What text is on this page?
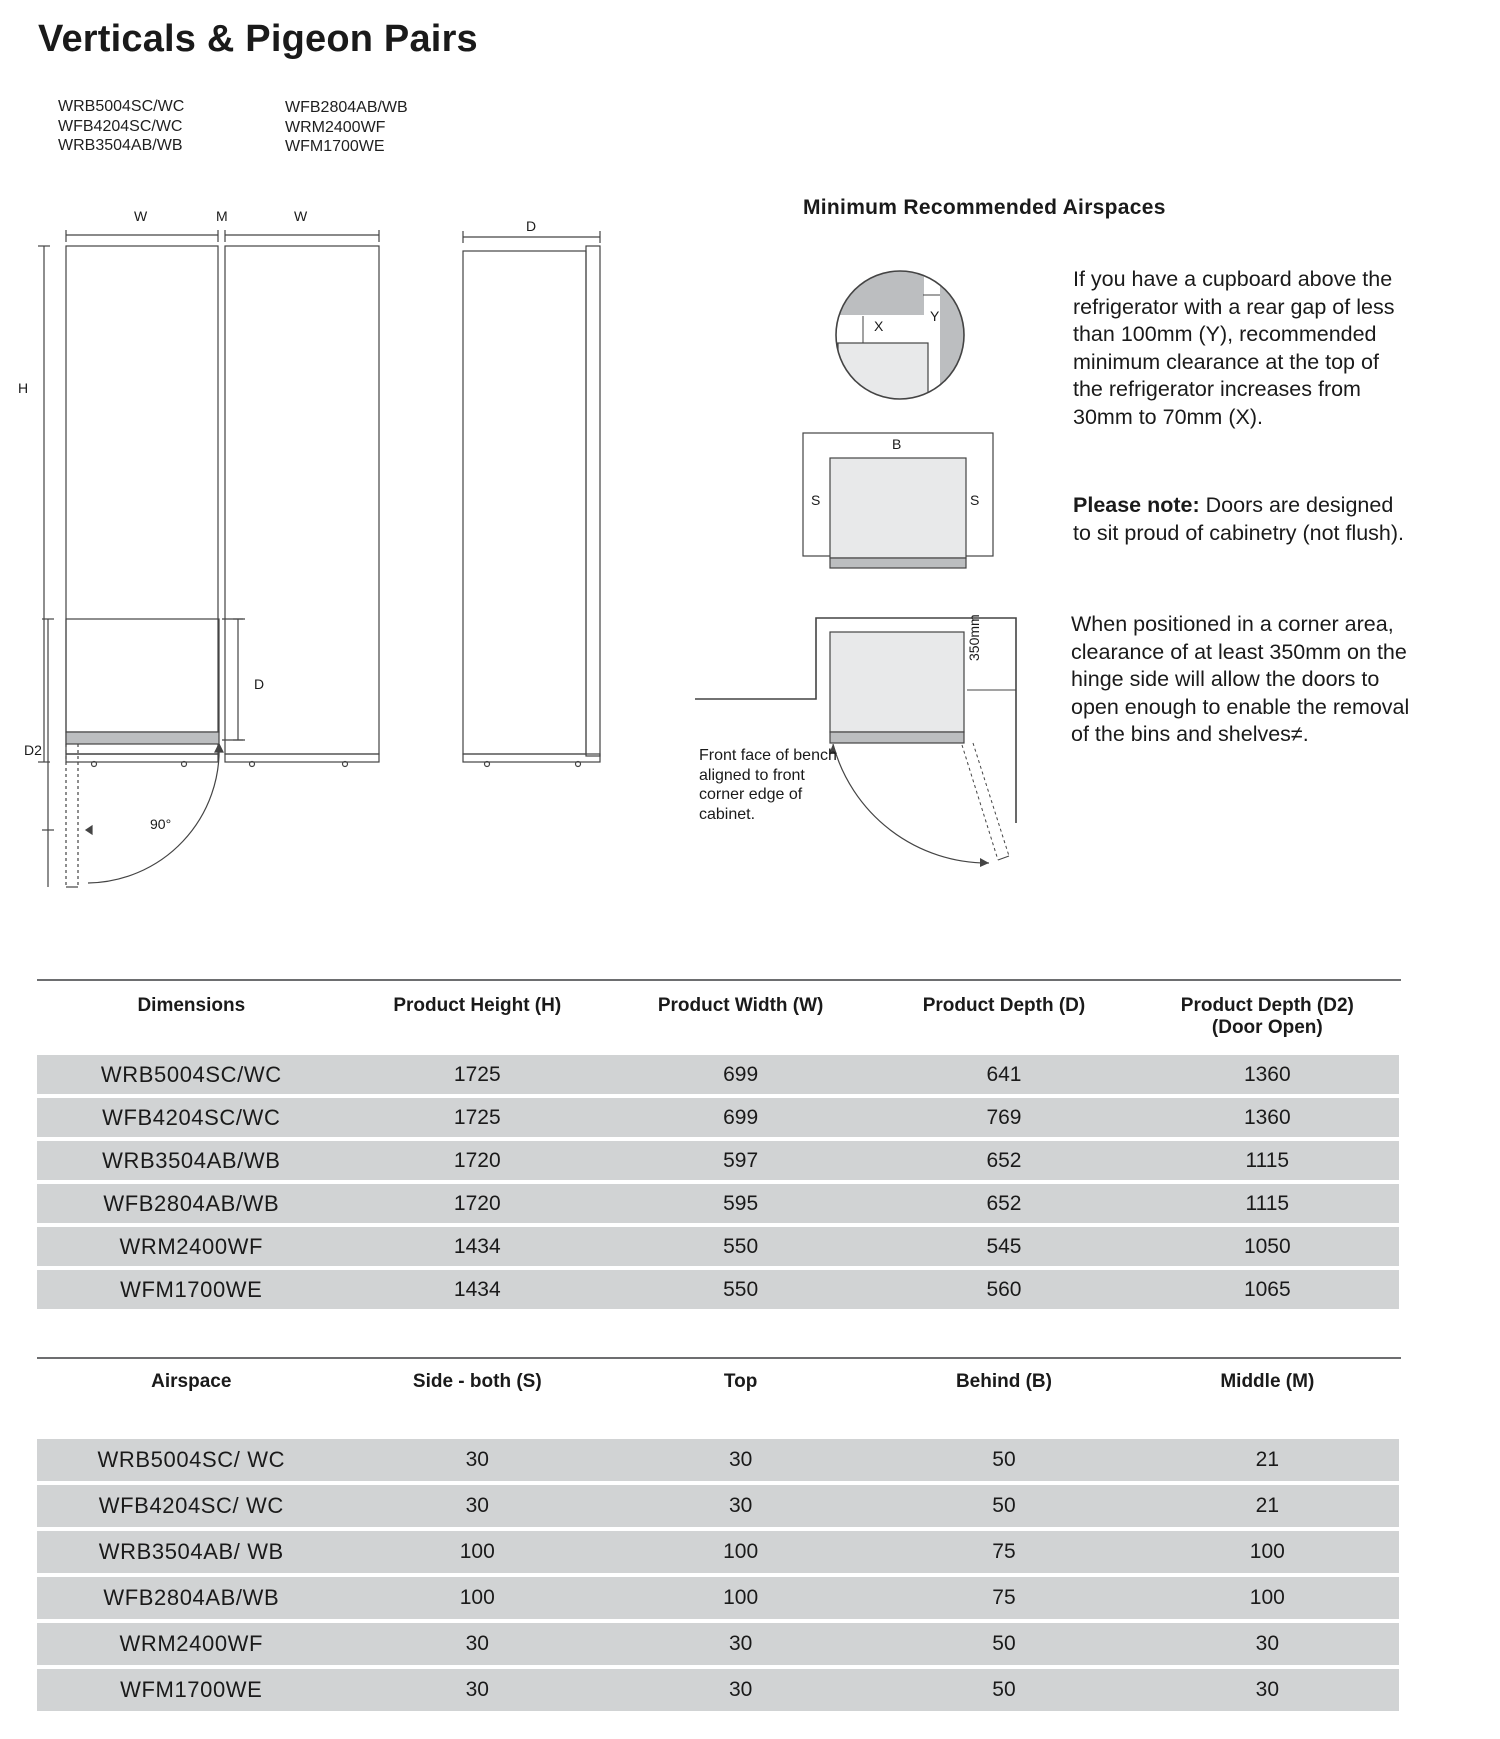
Verticals & Pigeon Pairs
WRB5004SC/WC
WFB4204SC/WC
WRB3504AB/WB
WFB2804AB/WB
WRM2400WF
WFM1700WE
W	M	W
D
H
D
D2
90°
Minimum Recommended Airspaces
X
Y
B
S	S
350mm
If you have a cupboard above the refrigerator with a rear gap of less than 100mm (Y), recommended minimum clearance at the top of the refrigerator increases from 30mm to 70mm (X).
Please note: Doors are designed to sit proud of cabinetry (not flush).
When positioned in a corner area, clearance of at least 350mm on the hinge side will allow the doors to open enough to enable the removal of the bins and shelves≠.
Front face of bench aligned to front corner edge of cabinet.
Dimensions	Product Height (H)	Product Width (W)	Product Depth (D)	Product Depth (D2)
(Door Open)
WRB5004SC/WC	1725	699	641	1360
WFB4204SC/WC	1725	699	769	1360
WRB3504AB/WB	1720	597	652	1115
WFB2804AB/WB	1720	595	652	1115
WRM2400WF	1434	550	545	1050
WFM1700WE	1434	550	560	1065
Airspace	Side - both (S)	Top	Behind (B)	Middle (M)
WRB5004SC/ WC	30	30	50	21
WFB4204SC/ WC	30	30	50	21
WRB3504AB/ WB	100	100	75	100
WFB2804AB/WB	100	100	75	100
WRM2400WF	30	30	50	30
WFM1700WE	30	30	50	30
